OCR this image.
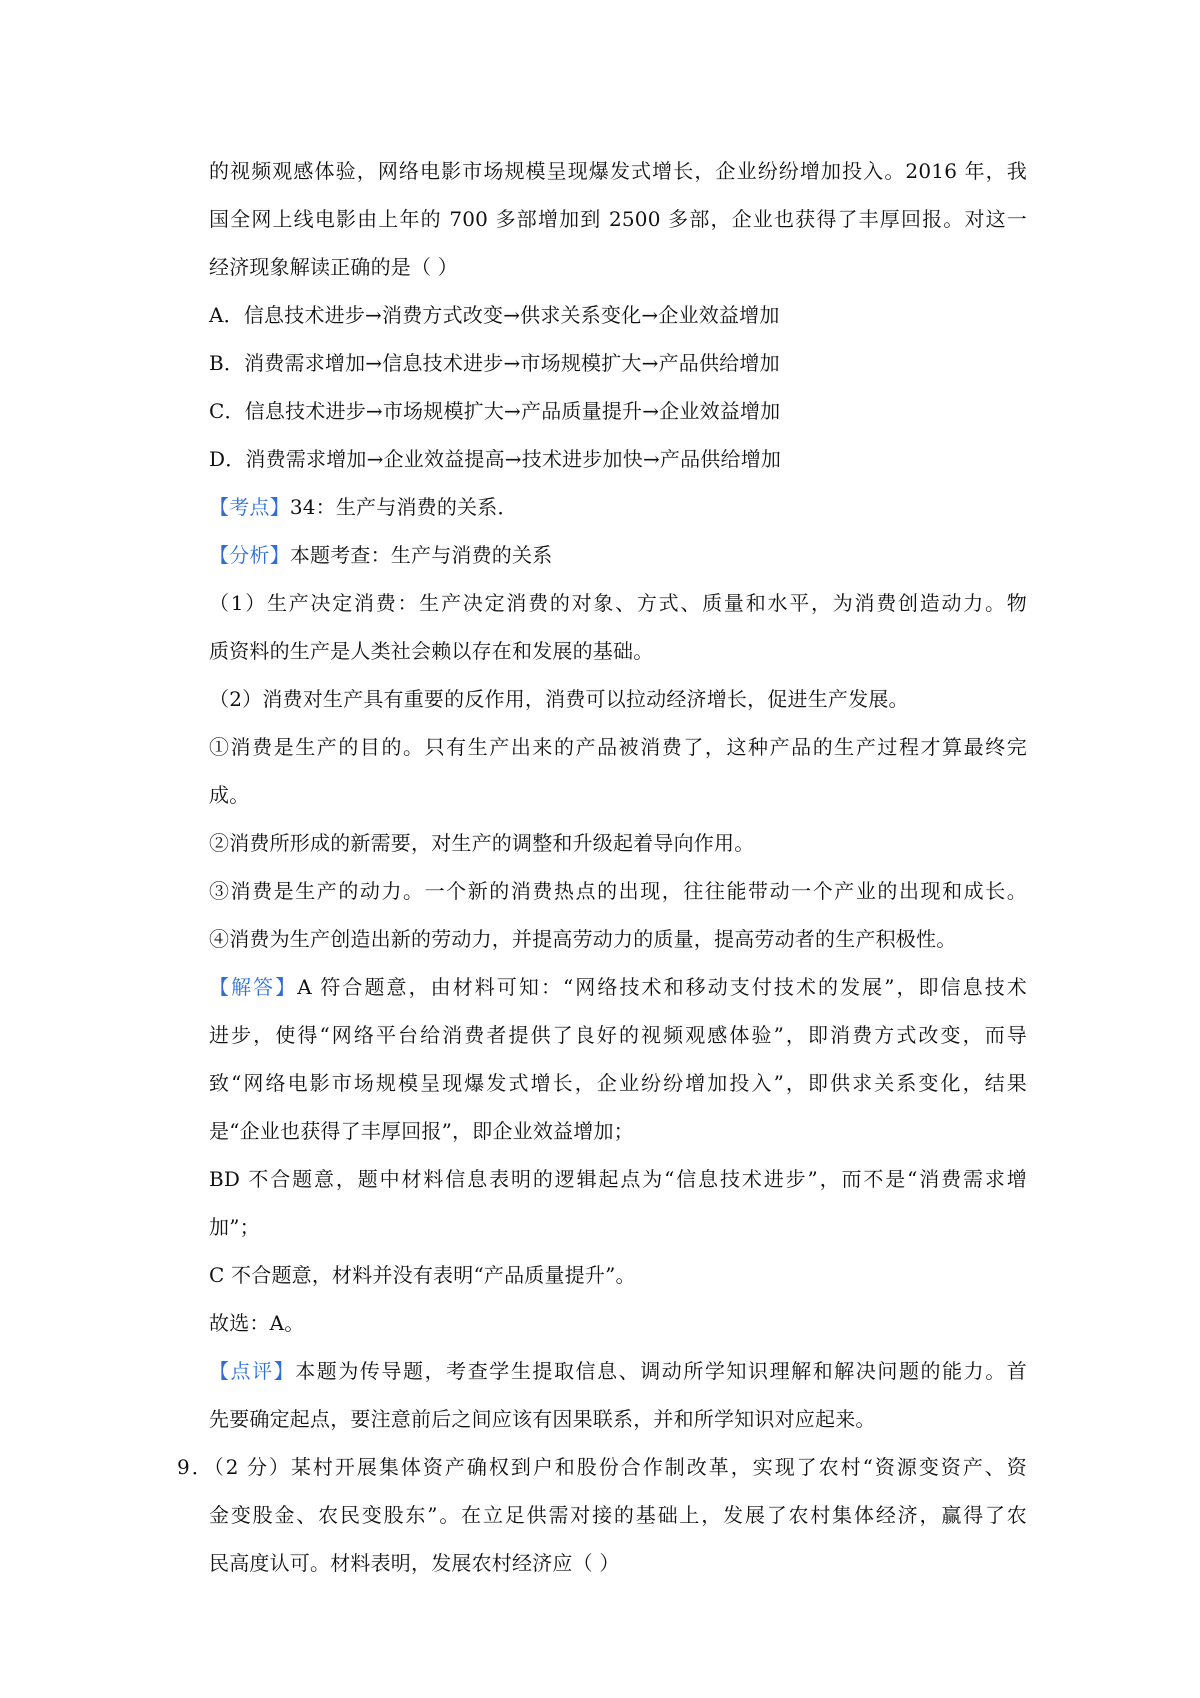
的视频观感体验，网络电影市场规模呈现爆发式增长，企业纷纷增加投入。2016 年，我
国全网上线电影由上年的 700 多部增加到 2500 多部，企业也获得了丰厚回报。对这一
经济现象解读正确的是（ ）
A．信息技术进步→消费方式改变→供求关系变化→企业效益增加
B．消费需求增加→信息技术进步→市场规模扩大→产品供给增加
C．信息技术进步→市场规模扩大→产品质量提升→企业效益增加
D．消费需求增加→企业效益提高→技术进步加快→产品供给增加
【考点】34：生产与消费的关系．
【分析】本题考查：生产与消费的关系
（1）生产决定消费：生产决定消费的对象、方式、质量和水平，为消费创造动力。物
质资料的生产是人类社会赖以存在和发展的基础。
（2）消费对生产具有重要的反作用，消费可以拉动经济增长，促进生产发展。
①消费是生产的目的。只有生产出来的产品被消费了，这种产品的生产过程才算最终完
成。
②消费所形成的新需要，对生产的调整和升级起着导向作用。
③消费是生产的动力。一个新的消费热点的出现，往往能带动一个产业的出现和成长。
④消费为生产创造出新的劳动力，并提高劳动力的质量，提高劳动者的生产积极性。
【解答】A 符合题意，由材料可知：“网络技术和移动支付技术的发展”，即信息技术
进步，使得“网络平台给消费者提供了良好的视频观感体验”，即消费方式改变，而导
致“网络电影市场规模呈现爆发式增长，企业纷纷增加投入”，即供求关系变化，结果
是“企业也获得了丰厚回报”，即企业效益增加；
BD 不合题意，题中材料信息表明的逻辑起点为“信息技术进步”，而不是“消费需求增
加”；
C 不合题意，材料并没有表明“产品质量提升”。
故选：A。
【点评】本题为传导题，考查学生提取信息、调动所学知识理解和解决问题的能力。首
先要确定起点，要注意前后之间应该有因果联系，并和所学知识对应起来。
9．（2 分）某村开展集体资产确权到户和股份合作制改革，实现了农村“资源变资产、资
金变股金、农民变股东”。在立足供需对接的基础上，发展了农村集体经济，赢得了农
民高度认可。材料表明，发展农村经济应（ ）
